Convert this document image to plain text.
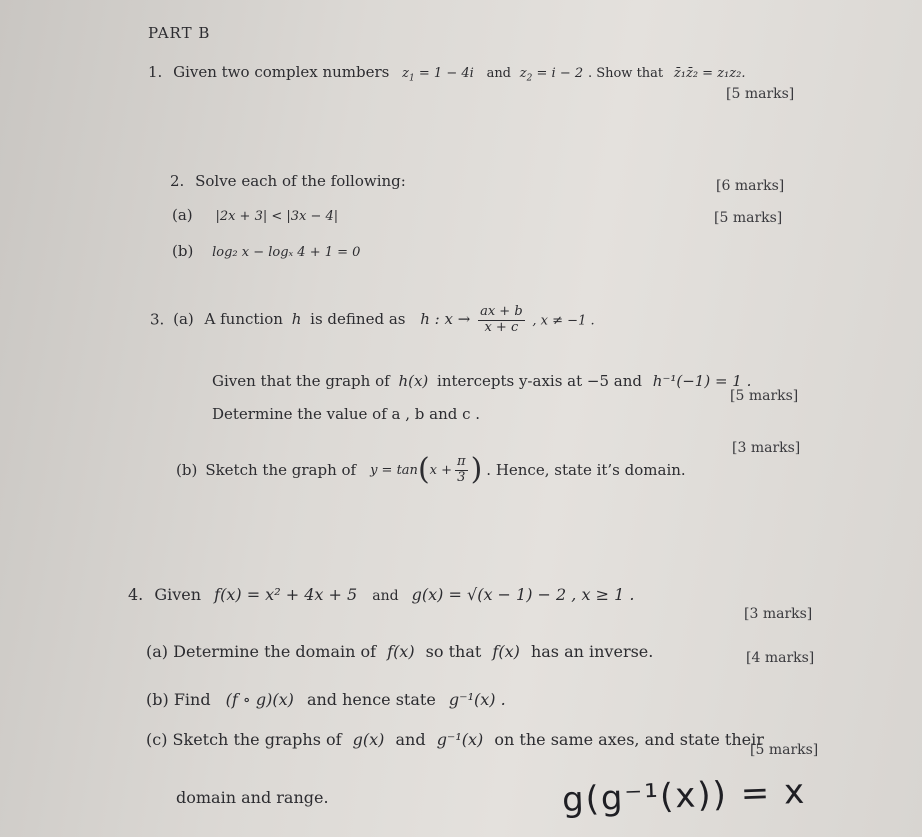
PART B
1. Given two complex numbers $z_1 = 1 - 4i$ and $z_2 = i - 2$ . Show that z̄₁z̄₂ = z₁z₂.
[5 marks]
2. Solve each of the following:	[6 marks]
(a) |2x + 3| < |3x − 4|	[5 marks]
(b) log₂ x − logₓ 4 + 1 = 0
3. (a) A function h is defined as h : $x \to \frac{ax + b}{x + c}$ , x ≠ −1 .
Given that the graph of h(x) intercepts y-axis at −5 and h⁻¹(−1) = 1 .
[5 marks]
Determine the value of a , b and c .
[3 marks]
(b) Sketch the graph of y = tan ( $x + \frac{\pi}{3}$ ) . Hence, state it’s domain.
4. Given f(x) = x² + 4x + 5 and g(x) = √(x − 1) − 2 , x ≥ 1 .
[3 marks]
(a) Determine the domain of f(x) so that f(x) has an inverse.	[4 marks]
(b) Find (f ∘ g)(x) and hence state g⁻¹(x) .
(c) Sketch the graphs of g(x) and g⁻¹(x) on the same axes, and state their
[5 marks]
domain and range.	g(g⁻¹(x)) = x
